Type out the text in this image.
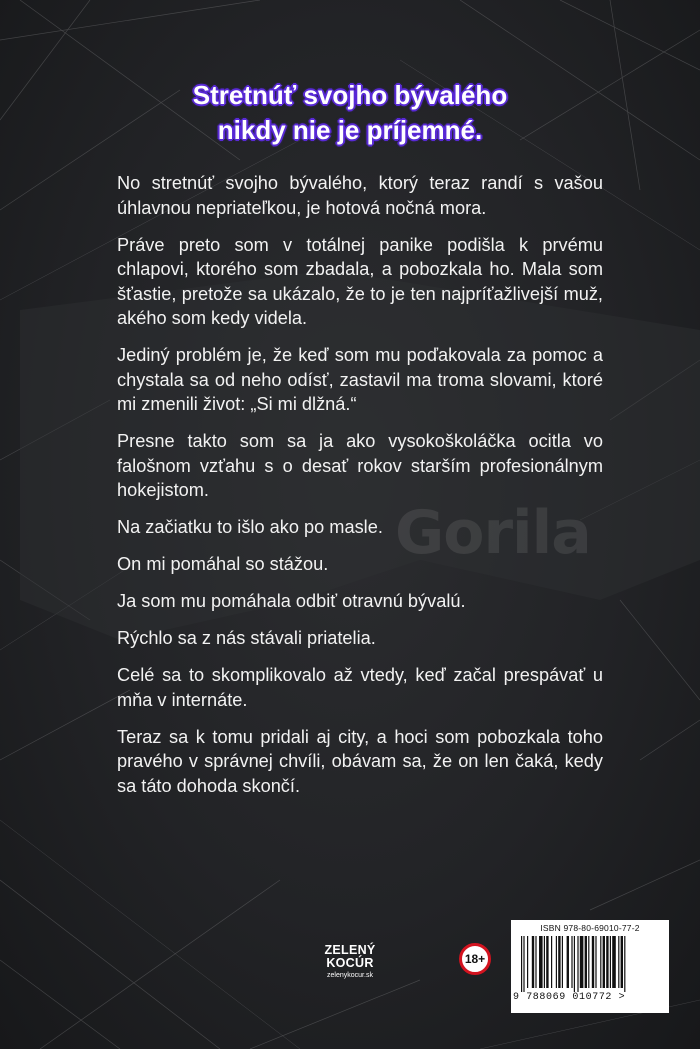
Gorila
Stretnúť svojho bývalého
nikdy nie je príjemné.

No stretnúť svojho bývalého, ktorý teraz randí s vašou úhlavnou nepriateľkou, je hotová nočná mora.

Práve preto som v totálnej panike podišla k prvému chlapovi, ktorého som zbadala, a pobozkala ho. Mala som šťastie, pretože sa ukázalo, že to je ten najpríťažlivejší muž, akého som kedy videla.

Jediný problém je, že keď som mu poďakovala za pomoc a chystala sa od neho odísť, zastavil ma troma slovami, ktoré mi zmenili život: „Si mi dlžná.“

Presne takto som sa ja ako vysokoškoláčka ocitla vo falošnom vzťahu s o desať rokov starším profesionálnym hokejistom.

Na začiatku to išlo ako po masle.

On mi pomáhal so stážou.

Ja som mu pomáhala odbiť otravnú bývalú.

Rýchlo sa z nás stávali priatelia.

Celé sa to skomplikovalo až vtedy, keď začal prespávať u mňa v internáte.

Teraz sa k tomu pridali aj city, a hoci som pobozkala toho pravého v správnej chvíli, obávam sa, že on len čaká, kedy sa táto dohoda skončí.

ZELENÝ
KOCÚR
zelenykocur.sk
18+
ISBN 978-80-69010-77-2
9 788069 010772 >
